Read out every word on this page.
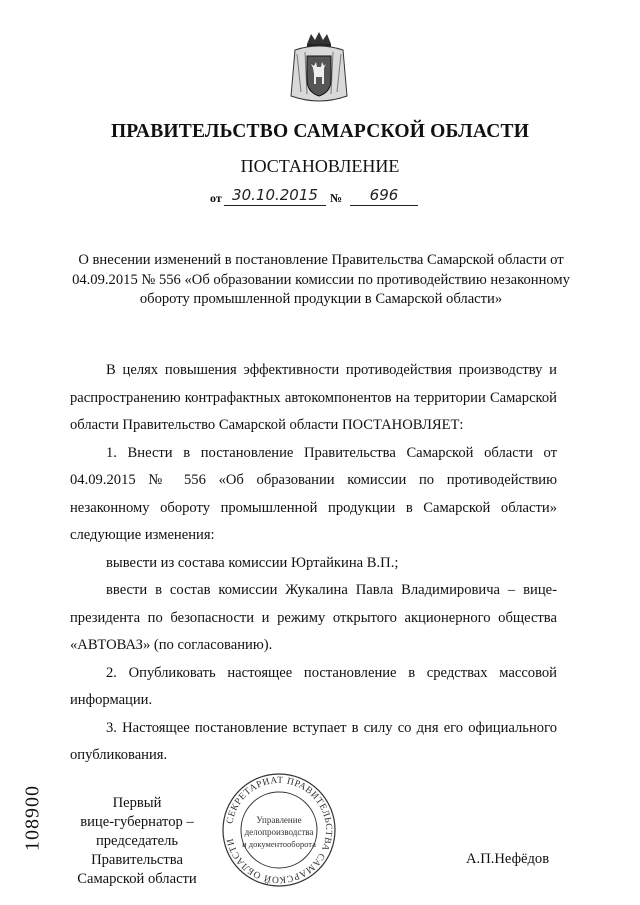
ПРАВИТЕЛЬСТВО САМАРСКОЙ ОБЛАСТИ
ПОСТАНОВЛЕНИЕ
от 30.10.2015	№	696
О внесении изменений в постановление Правительства Самарской области от 04.09.2015 № 556 «Об образовании комиссии по противодействию незаконному обороту промышленной продукции в Самарской области»

В целях повышения эффективности противодействия производству и распространению контрафактных автокомпонентов на территории Самарской области Правительство Самарской области ПОСТАНОВЛЯЕТ:

1. Внести в постановление Правительства Самарской области от 04.09.2015 № 556 «Об образовании комиссии по противодействию незаконному обороту промышленной продукции в Самарской области» следующие изменения:

вывести из состава комиссии Юртайкина В.П.;

ввести в состав комиссии Жукалина Павла Владимировича – вице-президента по безопасности и режиму открытого акционерного общества «АВТОВАЗ» (по согласованию).

2. Опубликовать настоящее постановление в средствах массовой информации.

3. Настоящее постановление вступает в силу со дня его официального опубликования.

108900	Первый
вице-губернатор –
председатель Правительства
Самарской области
СЕКРЕТАРИАТ ПРАВИТЕЛЬСТВА САМАРСКОЙ ОБЛАСТИ
Управление
делопроизводства
и документооборота
А.П.Нефёдов
